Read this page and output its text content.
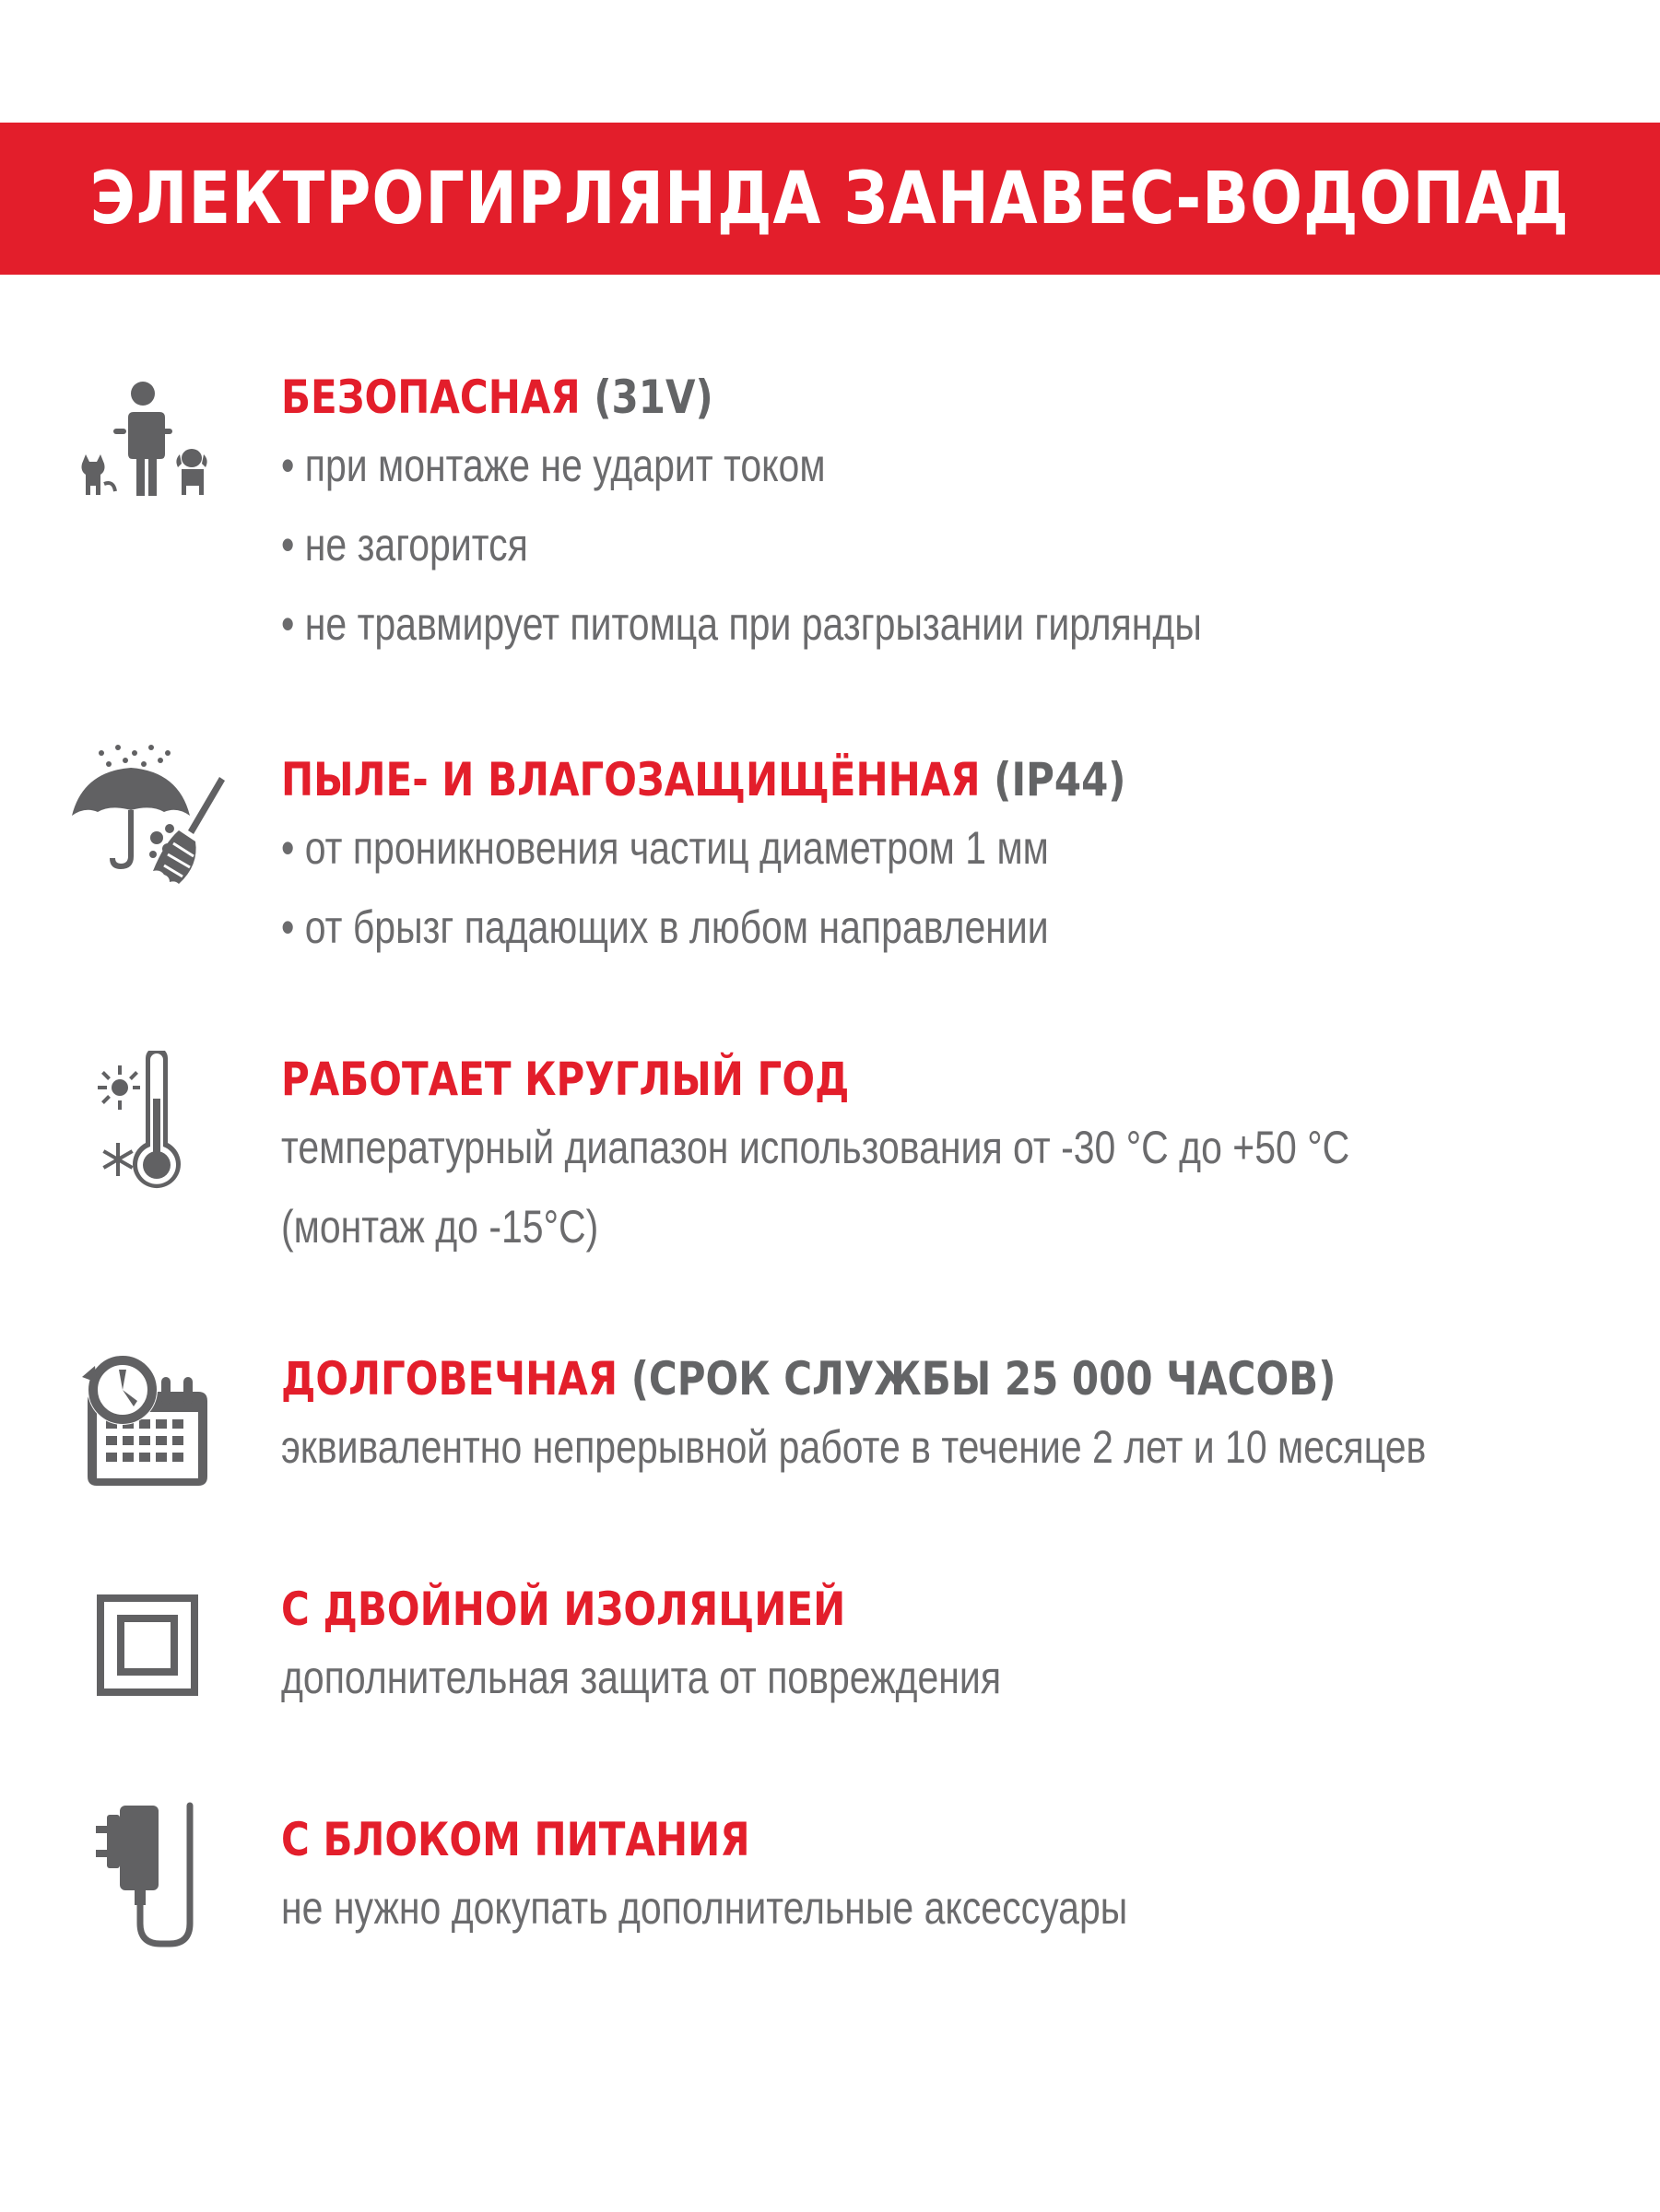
ЭЛЕКТРОГИРЛЯНДА ЗАНАВЕС-ВОДОПАД

БЕЗОПАСНАЯ (31V)

• при монтаже не ударит током

• не загорится

• не травмирует питомца при разгрызании гирлянды

ПЫЛЕ- И ВЛАГОЗАЩИЩЁННАЯ (IP44)

• от проникновения частиц диаметром 1 мм

• от брызг падающих в любом направлении

РАБОТАЕТ КРУГЛЫЙ ГОД

температурный диапазон использования от -30 °С до +50 °С

(монтаж до -15°С)

ДОЛГОВЕЧНАЯ (СРОК СЛУЖБЫ 25 000 ЧАСОВ)

эквивалентно непрерывной работе в течение 2 лет и 10 месяцев

С ДВОЙНОЙ ИЗОЛЯЦИЕЙ

дополнительная защита от повреждения

С БЛОКОМ ПИТАНИЯ

не нужно докупать дополнительные аксессуары
